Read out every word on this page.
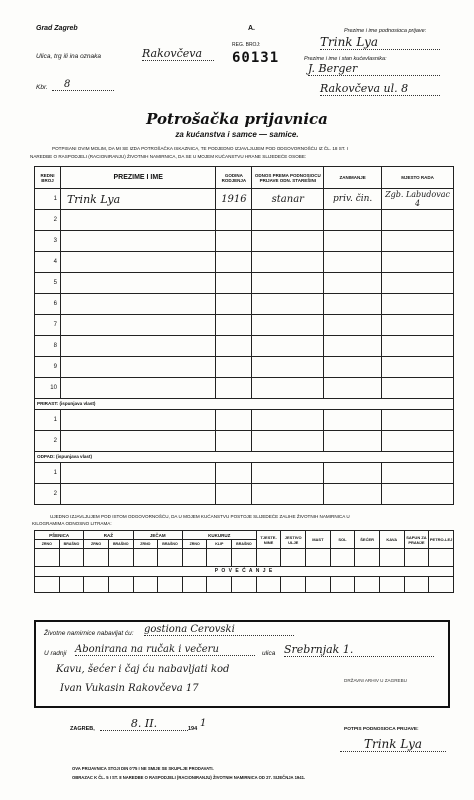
Grad Zagreb	A.
Ulica, trg ili ina oznaka	Rakovčeva
REG. BROJ:
60131
Kbr.	8
Prezime i ime podnosioca prijave:
Trink Lya
Prezime i ime i stan kućevlasnika:
J. Berger
Rakovčeva ul. 8
Potrošačka prijavnica
za kućanstva i samce — samice.
POTPISANI OVIM MOLIM, DA MI SE IZDA POTROŠAČKA ISKAZNICA, TE PODJEDNO IZJAVLJUJEM POD ODGOVORNOŠĆU IZ ČL. 18 ST. I
NAREDBE O RASPODJELI (RACIONIRANJU) ŽIVOTNIH NAMIRNICA, DA SE U MOJEM KUĆANSTVU HRANE SLIJEDEĆE OSOBE:
REDNI BROJ	PREZIME I IME	GODINA RODJENJA	ODNOS PREMA PODNOSIOCU PRIJAVE ODN. STAREŠINI	ZANIMANJE	MJESTO RADA
1	Trink Lya	1916	stanar	priv. čin.	Zgb. Labudovac 4
2					
3					
4					
5					
6					
7					
8					
9					
10					
PRIRAST: (ispunjava vlast)					
1					
2					
ODPAD: (ispunjava vlast)					
1					
2					
UJEDNO IZJAVLJUJEM POD ISTOM ODGOVORNOŠĆU, DA U MOJEM KUĆANSTVU POSTOJE SLIJEDEĆE ZALIHE ŽIVOTNIH NAMIRNICA U
KILOGRAMIMA ODNOSNO LITRAMA:
PŠENICA		RAŽ		JEČAM		KUKURUZ			TJESTE-NINE	JESTIVO ULJE	MAST	SOL	ŠEĆER	KAVA	SAPUN ZA PRANJE	PETRO-LEJ
ZRNO	BRAŠNO	ZRNO	BRAŠNO	ZRNO	BRAŠNO	ZRNO	KLIP	BRAŠNO								

P O V E Ć A N J E																

Životne namirnice nabavljat ću: gostiona Cerovski
U radnji Abonirana na ručak i večeru	ulica Srebrnjak 1.
Kavu, šećer i čaj ću nabavljati kod
Ivan Vukasin Rakovčeva 17
DRŽAVNI ARHIV U ZAGREBU
ZAGREB,	8. II.	194 1
POTPIS PODNOSIOCA PRIJAVE:
Trink Lya
OVA PRIJAVNICA STOJI DIN 0'75 I NE SMIJE SE SKUPLJE PRODAVATI.
OBRAZAC K ČL. 5 I ST. 8 NAREDBE O RASPODJELI (RACIONIRANJU) ŽIVOTNIH NAMIRNICA OD 27. SIJEČNJA 1941.
